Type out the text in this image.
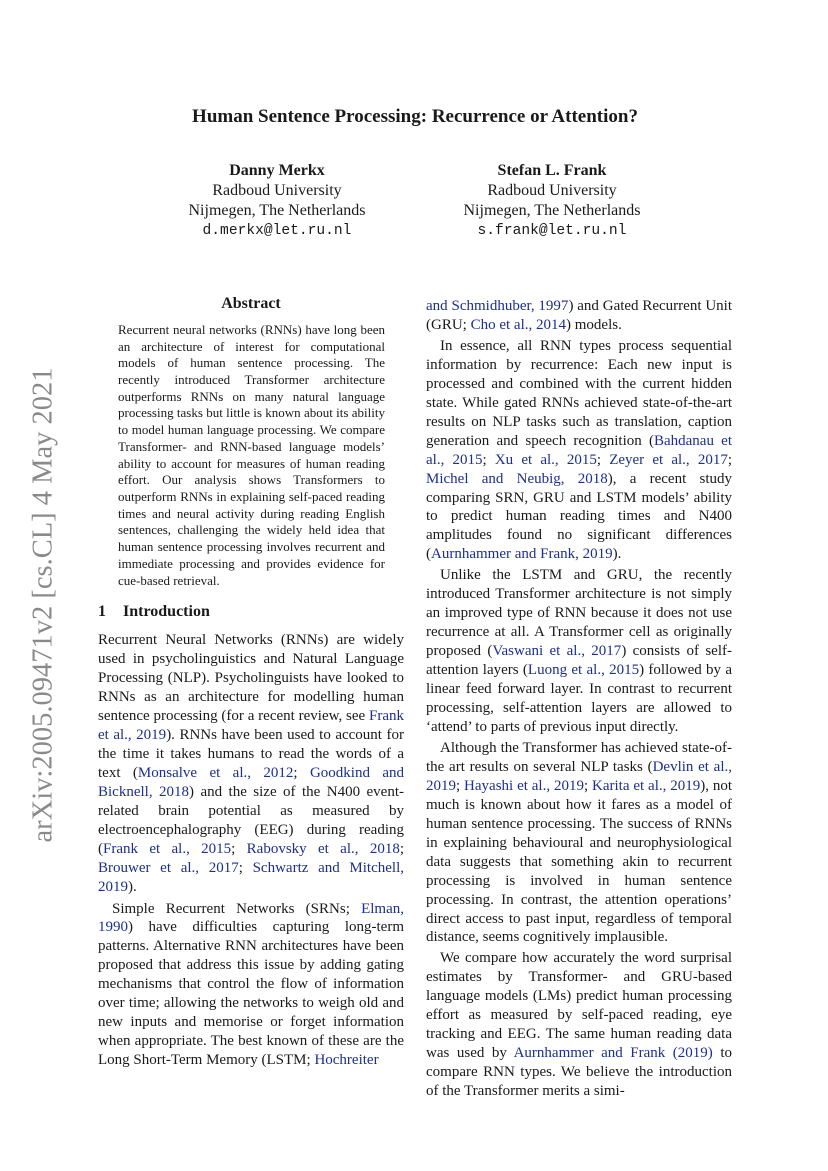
arXiv:2005.09471v2 [cs.CL] 4 May 2021
Human Sentence Processing: Recurrence or Attention?
Danny Merkx
Radboud University
Nijmegen, The Netherlands
d.merkx@let.ru.nl
Stefan L. Frank
Radboud University
Nijmegen, The Netherlands
s.frank@let.ru.nl
Abstract

Recurrent neural networks (RNNs) have long been an architecture of interest for computational models of human sentence processing. The recently introduced Transformer architecture outperforms RNNs on many natural language processing tasks but little is known about its ability to model human language processing. We compare Transformer- and RNN-based language models’ ability to account for measures of human reading effort. Our analysis shows Transformers to outperform RNNs in explaining self-paced reading times and neural activity during reading English sentences, challenging the widely held idea that human sentence processing involves recurrent and immediate processing and provides evidence for cue-based retrieval.

1 Introduction

Recurrent Neural Networks (RNNs) are widely used in psycholinguistics and Natural Language Processing (NLP). Psycholinguists have looked to RNNs as an architecture for modelling human sentence processing (for a recent review, see Frank et al., 2019). RNNs have been used to account for the time it takes humans to read the words of a text (Monsalve et al., 2012; Goodkind and Bicknell, 2018) and the size of the N400 event-related brain potential as measured by electroencephalography (EEG) during reading (Frank et al., 2015; Rabovsky et al., 2018; Brouwer et al., 2017; Schwartz and Mitchell, 2019).

Simple Recurrent Networks (SRNs; Elman, 1990) have difficulties capturing long-term patterns. Alternative RNN architectures have been proposed that address this issue by adding gating mechanisms that control the flow of information over time; allowing the networks to weigh old and new inputs and memorise or forget information when appropriate. The best known of these are the Long Short-Term Memory (LSTM; Hochreiter

and Schmidhuber, 1997) and Gated Recurrent Unit (GRU; Cho et al., 2014) models.

In essence, all RNN types process sequential information by recurrence: Each new input is processed and combined with the current hidden state. While gated RNNs achieved state-of-the-art results on NLP tasks such as translation, caption generation and speech recognition (Bahdanau et al., 2015; Xu et al., 2015; Zeyer et al., 2017; Michel and Neubig, 2018), a recent study comparing SRN, GRU and LSTM models’ ability to predict human reading times and N400 amplitudes found no significant differences (Aurnhammer and Frank, 2019).

Unlike the LSTM and GRU, the recently introduced Transformer architecture is not simply an improved type of RNN because it does not use recurrence at all. A Transformer cell as originally proposed (Vaswani et al., 2017) consists of self-attention layers (Luong et al., 2015) followed by a linear feed forward layer. In contrast to recurrent processing, self-attention layers are allowed to ‘attend’ to parts of previous input directly.

Although the Transformer has achieved state-of-the art results on several NLP tasks (Devlin et al., 2019; Hayashi et al., 2019; Karita et al., 2019), not much is known about how it fares as a model of human sentence processing. The success of RNNs in explaining behavioural and neurophysiological data suggests that something akin to recurrent processing is involved in human sentence processing. In contrast, the attention operations’ direct access to past input, regardless of temporal distance, seems cognitively implausible.

We compare how accurately the word surprisal estimates by Transformer- and GRU-based language models (LMs) predict human processing effort as measured by self-paced reading, eye tracking and EEG. The same human reading data was used by Aurnhammer and Frank (2019) to compare RNN types. We believe the introduction of the Transformer merits a simi-
